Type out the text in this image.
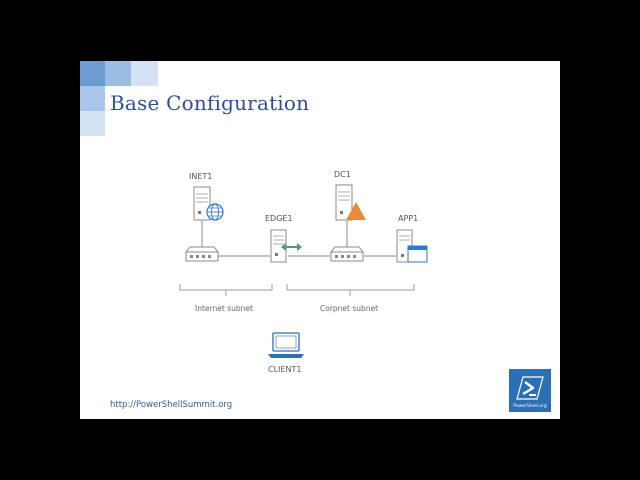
Base Configuration
INET1	DC1
EDGE1	APP1
Internet subnet	Corpnet subnet
CLIENT1
http://PowerShellSummit.org	PowerShell.org
